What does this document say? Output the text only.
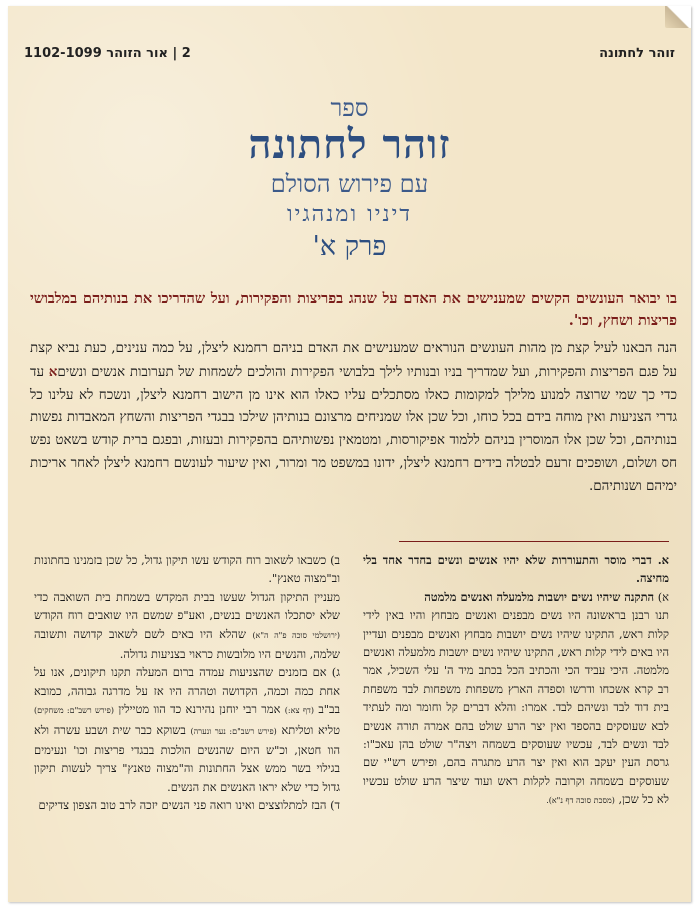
זוהר לחתונה
2 | אור הזוהר 1102-1099
ספר
זוהר לחתונה
עם פירוש הסולם
דיניו ומנהגיו
פרק א'
בו יבואר העונשים הקשים שמענישים את האדם על שנהג בפריצות והפקירות, ועל שהדריכו את בנותיהם במלבושי פריצות ושחץ, וכו'.
הנה הבאנו לעיל קצת מן מהות העונשים הנוראים שמענישים את האדם בניהם רחמנא ליצלן, על כמה ענינים, כעת נביא קצת על פגם הפריצות והפקירות, ועל שמדריך בניו ובנותיו לילך בלבושי הפקירות והולכים לשמחות של תערובות אנשים ונשיםא עד כדי כך שמי שרוצה למנוע מלילך למקומות כאלו מסתכלים עליו כאלו הוא אינו מן הישוב רחמנא ליצלן, ונשכח לא עלינו כל גדרי הצניעות ואין מוחה בידם בכל כוחו, וכל שכן אלו שמניחים מרצונם בנותיהן שילכו בבגדי הפריצות והשחץ המאבדות נפשות בנותיהם, וכל שכן אלו המוסרין בניהם ללמוד אפיקורסות, ומטמאין נפשותיהם בהפקירות ובעזות, ובפגם ברית קודש בשאט נפש חס ושלום, ושופכים זרעם לבטלה בידים רחמנא ליצלן, ידונו במשפט מר ומרור, ואין שיעור לעונשם רחמנא ליצלן לאחר אריכות ימיהם ושנותיהם.

א. דברי מוסר והתעוררות שלא יהיו אנשים ונשים בחדר אחד בלי מחיצה.

א) התקנה שיהיו נשים יושבות מלמעלה ואנשים מלמטה

תנו רבנן בראשונה היו נשים מבפנים ואנשים מבחוץ והיו באין לידי קלות ראש, התקינו שיהיו נשים יושבות מבחוץ ואנשים מבפנים ועדיין היו באים לידי קלות ראש, התקינו שיהיו נשים יושבות מלמעלה ואנשים מלמטה. היכי עביד הכי והכתיב הכל בכתב מיד ה' עלי השכיל, אמר רב קרא אשכחו ודרשו וספדה הארץ משפחות משפחות לבד משפחת בית דוד לבד ונשיהם לבד. אמרו: והלא דברים קל וחומר ומה לעתיד לבא שעוסקים בהספד ואין יצר הרע שולט בהם אמרה תורה אנשים לבד ונשים לבד, עכשיו שעוסקים בשמחה ויצה"ר שולט בהן עאכ"ו: גרסת העין יעקב הוא ואין יצר הרע מתגרה בהם, ופירש רש"י שם שעוסקים בשמחה וקרובה לקלות ראש ועוד שיצר הרע שולט עכשיו לא כל שכן, (מסכת סוכה דף נ"א).

ב) כשבאו לשאוב רוח הקודש עשו תיקון גדול, כל שכן בזמנינו בחתונות וב"מצוה טאנץ".

מעניין התיקון הגדול שעשו בבית המקדש בשמחת בית השואבה כדי שלא יסתכלו האנשים בנשים, ואע"פ שמשם היו שואבים רוח הקודש (ירושלמי סוכה פ"ה ה"א) שהלא היו באים לשם לשאוב קדושה ותשובה שלמה, והנשים היו מלובשות כראוי בצניעות גדולה.

ג) אם בזמנים שהצניעות עמדה ברום המעלה תקנו תיקונים, אנו על אחת כמה וכמה, הקדושה וטהרה היו אז על מדרגה גבוהה, כמובא בב"ב (דף צא:) אמר רבי יוחנן נהירנא כד הוו מטיילין (פירש רשב"ם: משחקים) טליא וטליתא (פירש רשב"ם: נער ונערה) בשוקא כבר שית ושבע עשרה ולא הוו חטאן, וכ"ש היום שהנשים הולכות בבגדי פריצות וכו' ונעימים בגילוי בשר ממש אצל החתונות וה"מצוה טאנץ" צריך לעשות תיקון גדול כדי שלא יראו האנשים את הנשים.

ד) הבז למתלוצצים ואינו רואה פני הנשים יזכה לרב טוב הצפון צדיקים
